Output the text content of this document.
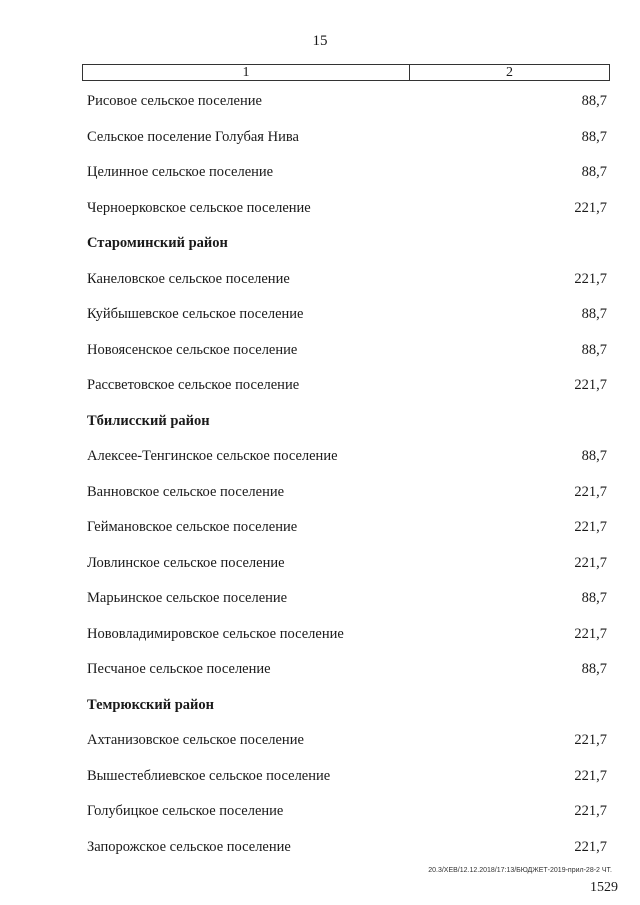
15
1	2
Рисовое сельское поселение	88,7
Сельское поселение Голубая Нива	88,7
Целинное сельское поселение	88,7
Черноерковское сельское поселение	221,7
Староминский район
Канеловское сельское поселение	221,7
Куйбышевское сельское поселение	88,7
Новоясенское сельское поселение	88,7
Рассветовское сельское поселение	221,7
Тбилисский район
Алексее-Тенгинское сельское поселение	88,7
Ванновское сельское поселение	221,7
Геймановское сельское поселение	221,7
Ловлинское сельское поселение	221,7
Марьинское сельское поселение	88,7
Нововладимировское сельское поселение	221,7
Песчаное сельское поселение	88,7
Темрюкский район
Ахтанизовское сельское поселение	221,7
Вышестеблиевское сельское поселение	221,7
Голубицкое сельское поселение	221,7
Запорожское сельское поселение	221,7
20.3/ХЕВ/12.12.2018/17:13/БЮДЖЕТ-2019-прил-28-2 ЧТ.
1529
